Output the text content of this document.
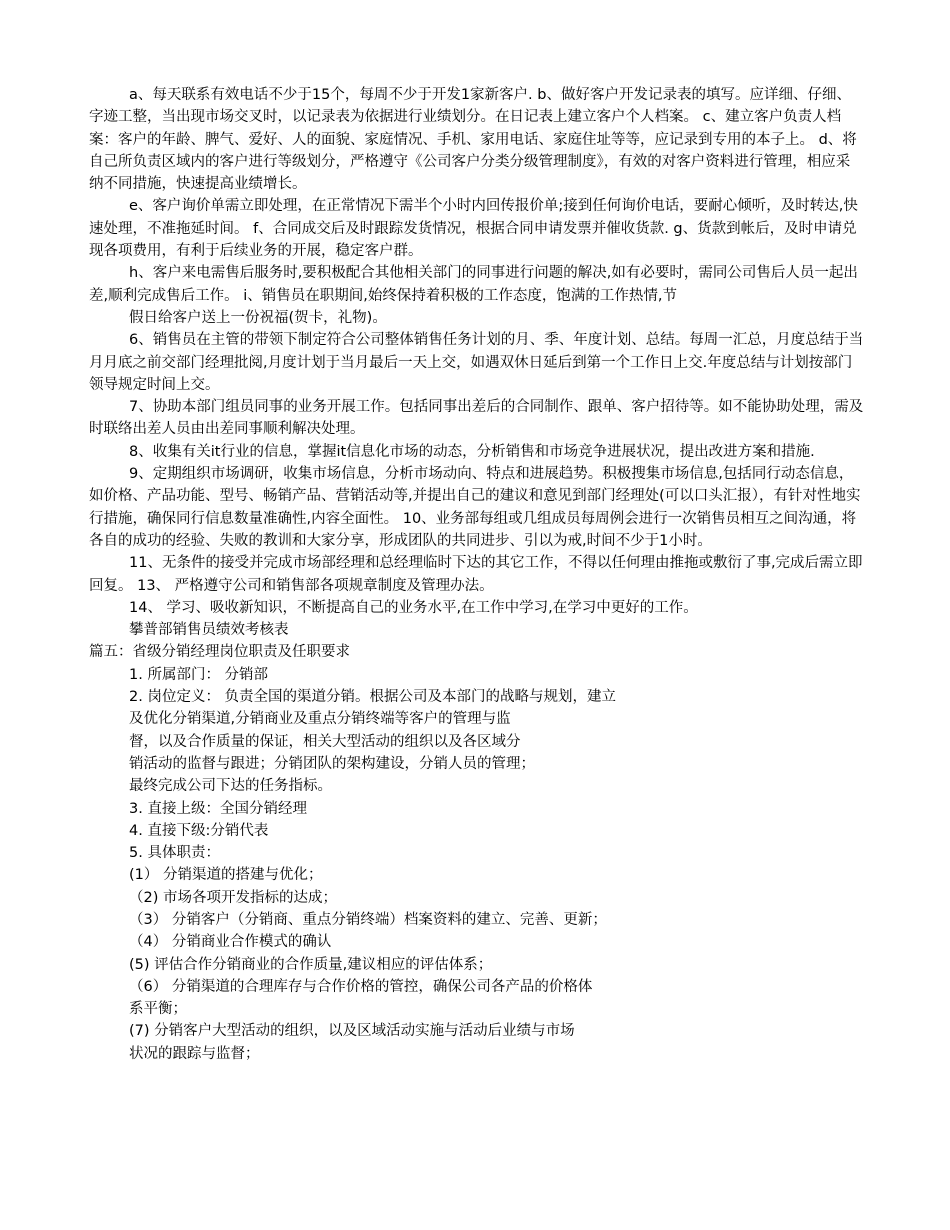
a、每天联系有效电话不少于15个，每周不少于开发1家新客户. b、做好客户开发记录表的填写。应详细、仔细、字迹工整，当出现市场交叉时，以记录表为依据进行业绩划分。在日记表上建立客户个人档案。 c、建立客户负责人档案：客户的年龄、脾气、爱好、人的面貌、家庭情况、手机、家用电话、家庭住址等等，应记录到专用的本子上。 d、将自己所负责区域内的客户进行等级划分，严格遵守《公司客户分类分级管理制度》，有效的对客户资料进行管理，相应采纳不同措施，快速提高业绩增长。

e、客户询价单需立即处理，在正常情况下需半个小时内回传报价单;接到任何询价电话，要耐心倾听，及时转达,快速处理，不准拖延时间。 f、合同成交后及时跟踪发货情况，根据合同申请发票并催收货款. g、货款到帐后，及时申请兑现各项费用，有利于后续业务的开展，稳定客户群。

h、客户来电需售后服务时,要积极配合其他相关部门的同事进行问题的解决,如有必要时，需同公司售后人员一起出差,顺利完成售后工作。 i、销售员在职期间,始终保持着积极的工作态度，饱满的工作热情,节

假日给客户送上一份祝福(贺卡，礼物)。

6、销售员在主管的带领下制定符合公司整体销售任务计划的月、季、年度计划、总结。每周一汇总，月度总结于当月月底之前交部门经理批阅,月度计划于当月最后一天上交，如遇双休日延后到第一个工作日上交.年度总结与计划按部门领导规定时间上交。

7、协助本部门组员同事的业务开展工作。包括同事出差后的合同制作、跟单、客户招待等。如不能协助处理，需及时联络出差人员由出差同事顺利解决处理。

8、收集有关it行业的信息，掌握it信息化市场的动态，分析销售和市场竞争进展状况，提出改进方案和措施.

9、定期组织市场调研，收集市场信息，分析市场动向、特点和进展趋势。积极搜集市场信息,包括同行动态信息，如价格、产品功能、型号、畅销产品、营销活动等,并提出自己的建议和意见到部门经理处(可以口头汇报），有针对性地实行措施，确保同行信息数量准确性,内容全面性。 10、业务部每组或几组成员每周例会进行一次销售员相互之间沟通，将各自的成功的经验、失败的教训和大家分享，形成团队的共同进步、引以为戒,时间不少于1小时。

11、无条件的接受并完成市场部经理和总经理临时下达的其它工作，不得以任何理由推拖或敷衍了事,完成后需立即回复。 13、 严格遵守公司和销售部各项规章制度及管理办法。

14、 学习、吸收新知识，不断提高自己的业务水平,在工作中学习,在学习中更好的工作。

攀普部销售员绩效考核表

篇五：省级分销经理岗位职责及任职要求

1. 所属部门： 分销部

2. 岗位定义： 负责全国的渠道分销。根据公司及本部门的战略与规划，建立

及优化分销渠道,分销商业及重点分销终端等客户的管理与监

督，以及合作质量的保证，相关大型活动的组织以及各区域分

销活动的监督与跟进；分销团队的架构建设，分销人员的管理；

最终完成公司下达的任务指标。

3. 直接上级：全国分销经理

4. 直接下级:分销代表

5. 具体职责：

(1） 分销渠道的搭建与优化；

（2) 市场各项开发指标的达成；

（3） 分销客户（分销商、重点分销终端）档案资料的建立、完善、更新；

（4） 分销商业合作模式的确认

(5) 评估合作分销商业的合作质量,建议相应的评估体系；

（6） 分销渠道的合理库存与合作价格的管控，确保公司各产品的价格体

系平衡；

(7) 分销客户大型活动的组织，以及区域活动实施与活动后业绩与市场

状况的跟踪与监督；
